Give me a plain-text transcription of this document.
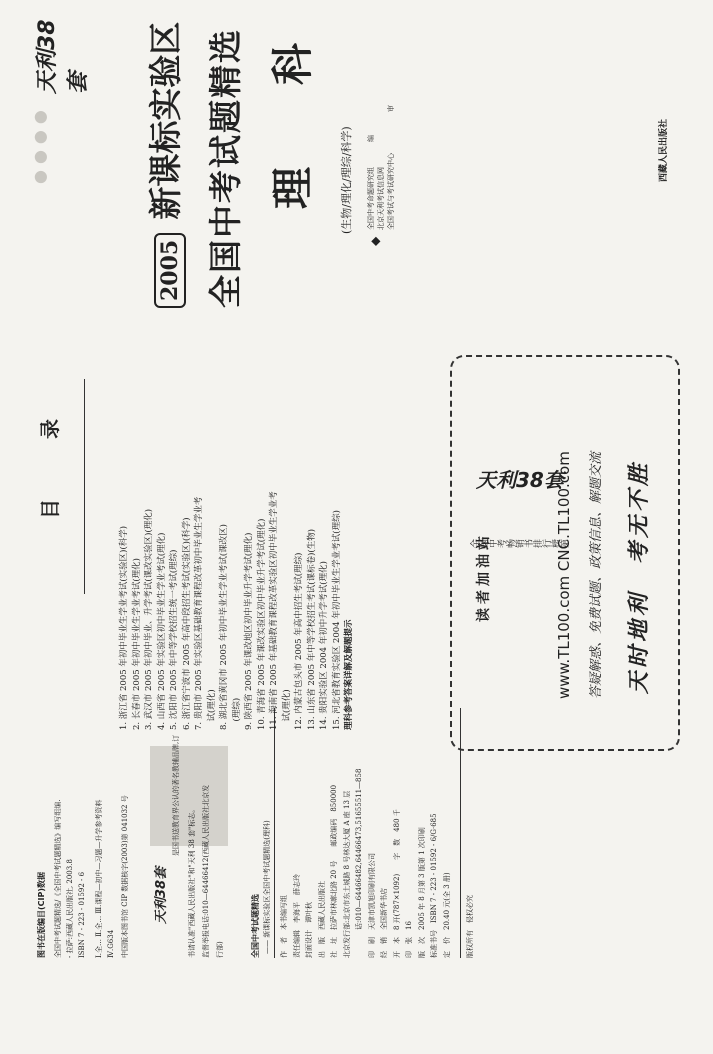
图书在版编目(CIP)数据 全国中考试题精选/《全国中考试题精选》编写组编. - 拉萨:西藏人民出版社, 2003.8 ISBN 7 - 223 - 01592 - 6 Ⅰ.全… Ⅱ.全… Ⅲ.课程—初中—习题—升学参考资料 Ⅳ.G634 中国版本图书馆 CIP 数据核字(2003)第 041032 号	天利38套
是国书送教育界公认的著名教辅品牌,订
书请认准"西藏人民出版社"和"天利 38 套"标志。 监督举报电话:010—64466412(西藏人民出版社北京发 行部)	全国中考试题精选 —— 新课标实验区全国中考试题精选(理科) 作　者　本书编写组 责任编辑　李海平　薛志玲 封面设计　谭叶秋 出　版　西藏人民出版社 社　址　拉萨市林廓北路 20 号　　邮政编码　850000 北京发行部:北京市东土城路 8 号林达大厦 A 座 13 层 　　　　话:010—64466482,64466473,51655511—858 印　刷　天津市凯旭印刷有限公司 经　销　全国新华书店 开　本　8 开(787×1092)　　字　数　480 千 印　张　16 版　次　2005 年 8 月第 3 版第 1 次印刷 标准书号　ISBN 7 - 223 - 01592 - 6/G·685 定　价　20.40 元(全 3 册)	版权所有　侵权必究
目　录
1. 浙江省 2005 年初中毕业生学业考试(实验区)(科学) 2. 长春市 2005 年初中毕业生学业考试(理化) 3. 武汉市 2005 年初中毕业、升学考试(课改实验区)(理化) 4. 山西省 2005 年实验区初中毕业生学业考试(理化) 5. 沈阳市 2005 年中等学校招生统一考试(理综) 6. 浙江省宁波市 2005 年高中段招生考试(实验区)(科学) 7. 贵阳市 2005 年实验区基础教育课程改革初中毕业生学业考 　试(理化) 8. 湖北省黄冈市 2005 年初中毕业生学业考试(课改区) 　(理综) 9. 陕西省 2005 年课改地区初中毕业升学考试(理化) 10. 青海省 2005 年课改实验区初中毕业升学考试(理化) 11. 海南省 2005 年基础教育课程改革实验区初中毕业生学业考 　试(理化) 12. 内蒙古包头市 2005 年高中招生考试(理综) 13. 山东省 2005 年中等学校招生考试(课标卷)(生物) 14. 贵阳实验区 2004 年初中升学考试(理化) 15. 河北省教育实验区 2004 年初中毕业生学业考试(理综) 理科参考答案详解及解题提示
天利38套
全国中考畅销书排行榜第
读者加油站	www.TL100.com CNC.TL100.com	答疑解惑、免费试题、政策信息、解题交流 天时地利　考无不胜
天利38套
●●●●
2005 新课标实验区 全国中考试题精选 理　科 (生物/理化/理综/科学)
◆
全国中考命题研究组 北京天利考试信息网 全国考试与考试研究中心
编
审
西藏人民出版社
